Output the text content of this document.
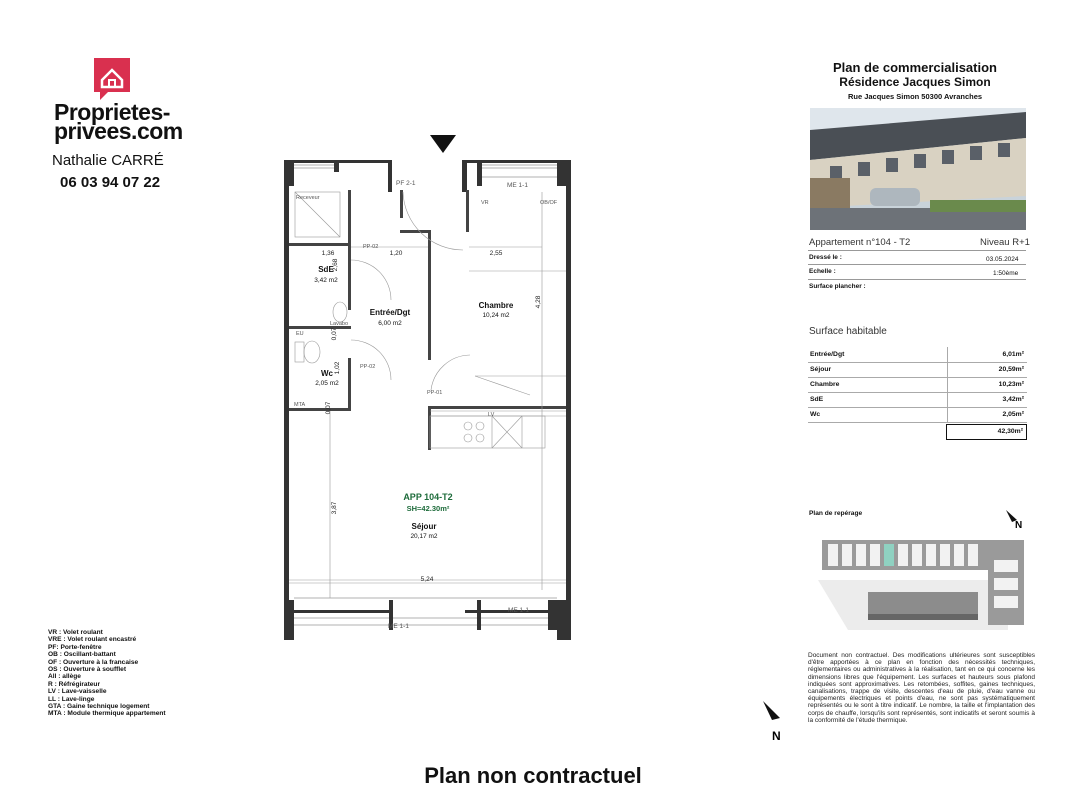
Proprietes-
privees.com
Nathalie CARRÉ
06 03 94 07 22
SdE
3,42 m2
Entrée/Dgt
6,00 m2
Chambre
10,24 m2
Wc
2,05 m2
APP 104-T2
SH=42.30m²
Séjour
20,17 m2
1,36	1,20	2,55
4,28
3,87
5,24
2,68
0,07
1,02
0,07
PF 2-1	ME 1-1
PP-02
PP-02
PP-01
VR	OB/OF
LV
EU
MTA
Receveur
Lavabo
ME 1-1
ME 1-1
VR : Volet roulant
VRE : Volet roulant encastré
PF: Porte-fenêtre
OB : Oscillant-battant
OF : Ouverture à la francaise
OS : Ouverture à soufflet
All : allège
R : Réfrégirateur
LV : Lave-vaisselle
LL : Lave-linge
GTA : Gaine technique logement
MTA : Module thermique appartement
N
Plan non contractuel
Plan de commercialisation
Résidence Jacques Simon
Rue Jacques Simon 50300 Avranches
Appartement n°104 - T2	Niveau R+1
Dressé le :	03.05.2024
Echelle :	1:50ème
Surface plancher :
Surface habitable
Entrée/Dgt	6,01m²
Séjour	20,59m²
Chambre	10,23m²
SdE	3,42m²
Wc	2,05m²
42,30m²
Plan de repérage
N
Document non contractuel. Des modifications ultérieures sont susceptibles d'être apportées à ce plan en fonction des nécessités techniques, réglementaires ou administratives à la réalisation, tant en ce qui concerne les dimensions libres que l'équipement. Les surfaces et hauteurs sous plafond indiquées sont approximatives. Les retombées, soffites, gaines techniques, canalisations, trappe de visite, descentes d'eau de pluie, d'eau vanne ou équipements électriques et points d'eau, ne sont pas systématiquement représentés ou le sont à titre indicatif. Le nombre, la taille et l'implantation des corps de chauffe, lorsqu'ils sont représentés, sont indicatifs et seront soumis à la conformité de l'étude thermique.
